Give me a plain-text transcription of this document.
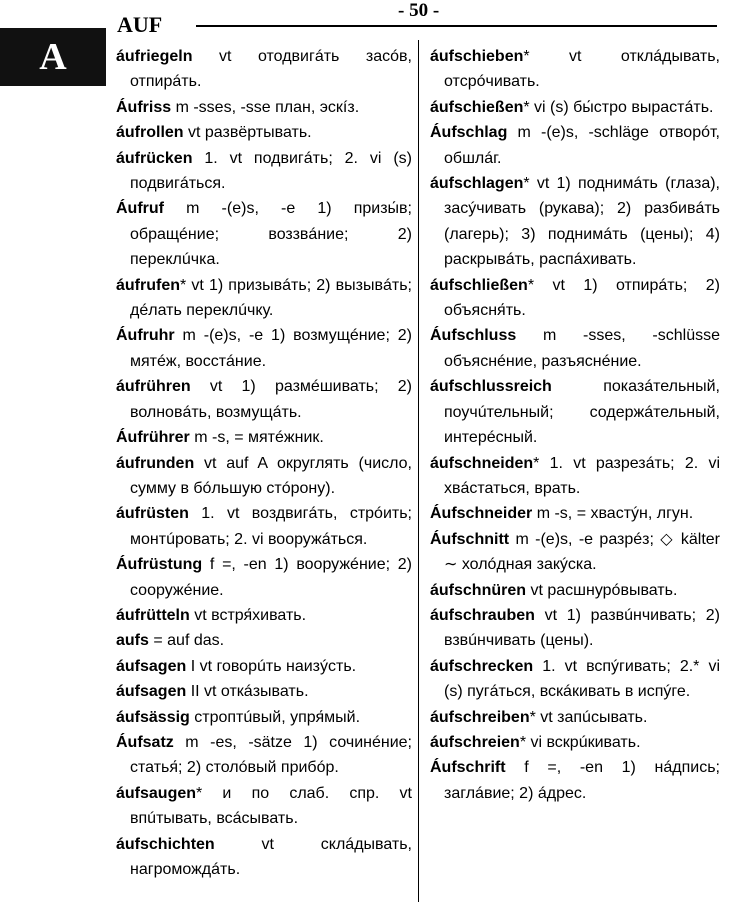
A
AUF
- 50 -
áufriegeln vt отодвигáть засóв, отпирáть.
Áufriss m -sses, -sse план, эскíз.
áufrollen vt развёртывать.
áufrücken 1. vt подвигáть; 2. vi (s) подвигáться.
Áufruf m -(e)s, -e 1) призы́в; обращéние; воззвáние; 2) переклúчка.
áufrufen* vt 1) призывáть; 2) вызывáть; дéлать переклúчку.
Áufruhr m -(e)s, -e 1) возмущéние; 2) мятéж, восстáние.
áufrühren vt 1) размéшивать; 2) волновáть, возмущáть.
Áufrührer m -s, = мятéжник.
áufrunden vt auf A округлять (число, сумму в бóльшую стóрону).
áufrüsten 1. vt воздвигáть, стрóить; монтúровать; 2. vi вооружáться.
Áufrüstung f =, -en 1) вооружéние; 2) сооружéние.
áufrütteln vt встря́хивать.
aufs = auf das.
áufsagen I vt говорúть наизýсть.
áufsagen II vt откáзывать.
áufsässig строптúвый, упря́мый.
Áufsatz m -es, -sätze 1) сочинéние; статья́; 2) столóвый прибóр.
áufsaugen* и по слаб. спр. vt впúтывать, всáсывать.
áufschichten vt склáдывать, нагромождáть.
áufschieben* vt отклáдывать, отсрóчивать.
áufschießen* vi (s) бы́стро вырастáть.
Áufschlag m -(e)s, -schläge отворóт, обшлáг.
áufschlagen* vt 1) поднимáть (глаза), засýчивать (рукава); 2) разбивáть (лагерь); 3) поднимáть (цены); 4) раскрывáть, распáхивать.
áufschließen* vt 1) отпирáть; 2) объясня́ть.
Áufschluss m -sses, -schlüsse объяснéние, разъяснéние.
áufschlussreich показáтельный, поучúтельный; содержáтельный, интерéсный.
áufschneiden* 1. vt разрезáть; 2. vi хвáстаться, врать.
Áufschneider m -s, = хвастýн, лгун.
Áufschnitt m -(e)s, -e разрéз; ◇ kälter ∼ холóдная закýска.
áufschnüren vt расшнурóвывать.
áufschrauben vt 1) развúнчивать; 2) взвúнчивать (цены).
áufschrecken 1. vt вспýгивать; 2.* vi (s) пугáться, вскáкивать в испýге.
áufschreiben* vt запúсывать.
áufschreien* vi вскрúкивать.
Áufschrift f =, -en 1) нáдпись; заглáвие; 2) áдрес.
